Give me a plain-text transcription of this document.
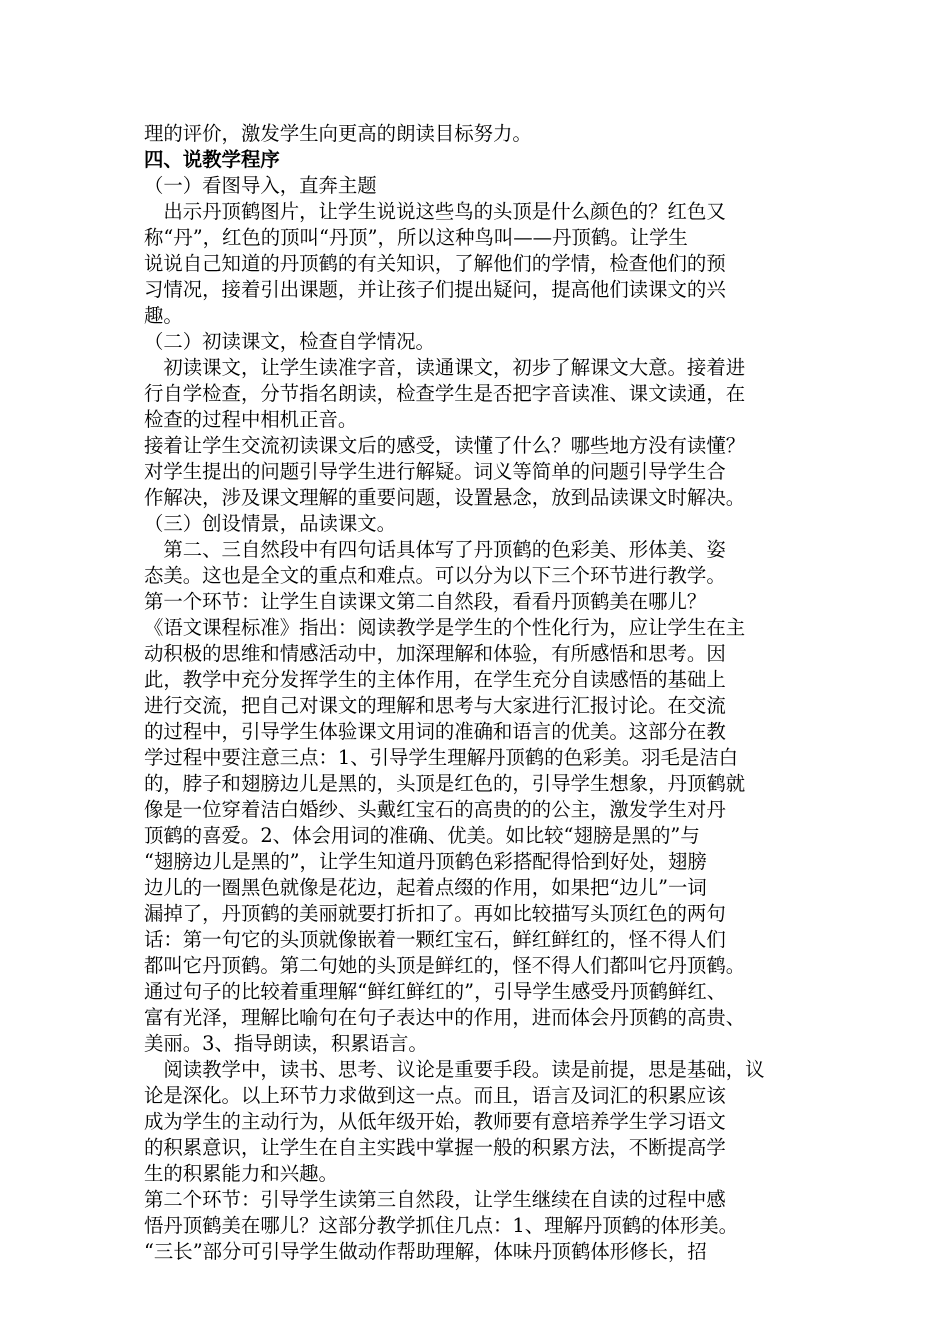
理的评价，激发学生向更高的朗读目标努力。
四、说教学程序
（一）看图导入，直奔主题
　出示丹顶鹤图片，让学生说说这些鸟的头顶是什么颜色的？红色又
称“丹”，红色的顶叫“丹顶”，所以这种鸟叫——丹顶鹤。让学生
说说自己知道的丹顶鹤的有关知识，了解他们的学情，检查他们的预
习情况，接着引出课题，并让孩子们提出疑问，提高他们读课文的兴
趣。
（二）初读课文，检查自学情况。
　初读课文，让学生读准字音，读通课文，初步了解课文大意。接着进
行自学检查，分节指名朗读，检查学生是否把字音读准、课文读通，在
检查的过程中相机正音。
接着让学生交流初读课文后的感受，读懂了什么？哪些地方没有读懂？
对学生提出的问题引导学生进行解疑。词义等简单的问题引导学生合
作解决，涉及课文理解的重要问题，设置悬念，放到品读课文时解决。
（三）创设情景，品读课文。
　第二、三自然段中有四句话具体写了丹顶鹤的色彩美、形体美、姿
态美。这也是全文的重点和难点。可以分为以下三个环节进行教学。
第一个环节：让学生自读课文第二自然段，看看丹顶鹤美在哪儿？
《语文课程标准》指出：阅读教学是学生的个性化行为，应让学生在主
动积极的思维和情感活动中，加深理解和体验，有所感悟和思考。因
此，教学中充分发挥学生的主体作用，在学生充分自读感悟的基础上
进行交流，把自己对课文的理解和思考与大家进行汇报讨论。在交流
的过程中，引导学生体验课文用词的准确和语言的优美。这部分在教
学过程中要注意三点：1、引导学生理解丹顶鹤的色彩美。羽毛是洁白
的，脖子和翅膀边儿是黑的，头顶是红色的，引导学生想象，丹顶鹤就
像是一位穿着洁白婚纱、头戴红宝石的高贵的的公主，激发学生对丹
顶鹤的喜爱。2、体会用词的准确、优美。如比较“翅膀是黑的”与
“翅膀边儿是黑的”，让学生知道丹顶鹤色彩搭配得恰到好处，翅膀
边儿的一圈黑色就像是花边，起着点缀的作用，如果把“边儿”一词
漏掉了，丹顶鹤的美丽就要打折扣了。再如比较描写头顶红色的两句
话：第一句它的头顶就像嵌着一颗红宝石，鲜红鲜红的，怪不得人们
都叫它丹顶鹤。第二句她的头顶是鲜红的，怪不得人们都叫它丹顶鹤。
通过句子的比较着重理解“鲜红鲜红的”，引导学生感受丹顶鹤鲜红、
富有光泽，理解比喻句在句子表达中的作用，进而体会丹顶鹤的高贵、
美丽。3、指导朗读，积累语言。
　阅读教学中，读书、思考、议论是重要手段。读是前提，思是基础，议
论是深化。以上环节力求做到这一点。而且，语言及词汇的积累应该
成为学生的主动行为，从低年级开始，教师要有意培养学生学习语文
的积累意识，让学生在自主实践中掌握一般的积累方法，不断提高学
生的积累能力和兴趣。
第二个环节：引导学生读第三自然段，让学生继续在自读的过程中感
悟丹顶鹤美在哪儿？这部分教学抓住几点：1、理解丹顶鹤的体形美。
“三长”部分可引导学生做动作帮助理解，体味丹顶鹤体形修长，招
